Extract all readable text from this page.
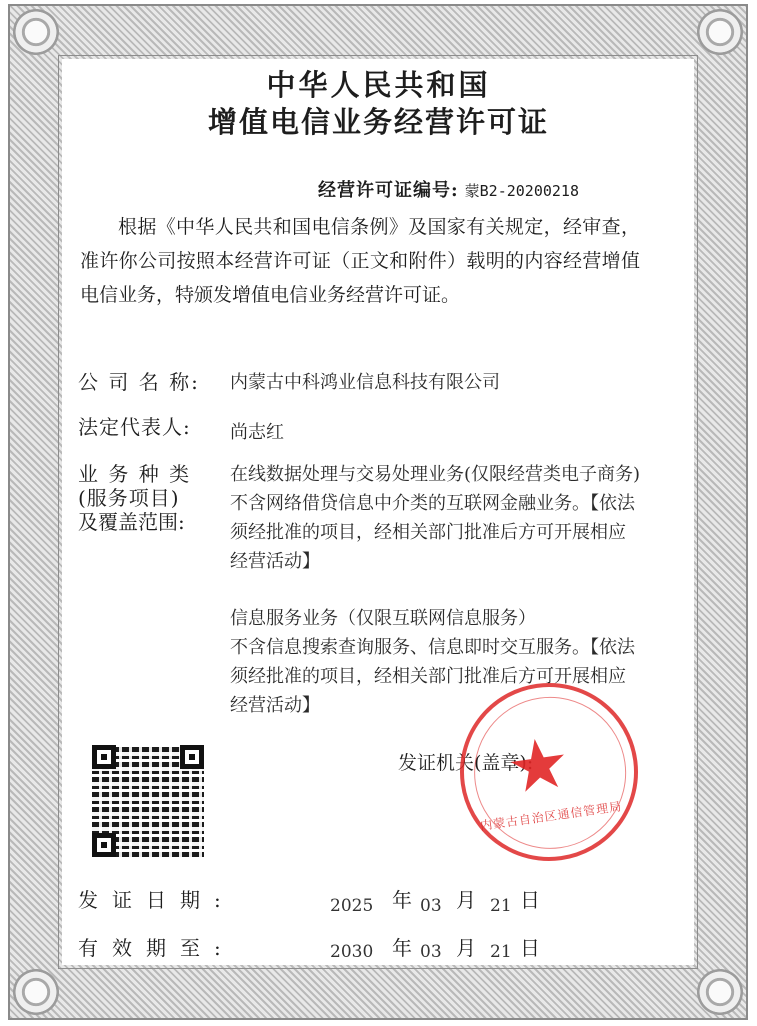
中华人民共和国
增值电信业务经营许可证
经营许可证编号: 蒙B2-20200218
根据《中华人民共和国电信条例》及国家有关规定，经审查，准许你公司按照本经营许可证（正文和附件）载明的内容经营增值电信业务，特颁发增值电信业务经营许可证。
公 司 名 称: 内蒙古中科鸿业信息科技有限公司
法定代表人: 尚志红
业 务 种 类
(服务项目)
及覆盖范围:

在线数据处理与交易处理业务(仅限经营类电子商务)

不含网络借贷信息中介类的互联网金融业务。【依法须经批准的项目，经相关部门批准后方可开展相应经营活动】

信息服务业务（仅限互联网信息服务）

不含信息搜索查询服务、信息即时交互服务。【依法须经批准的项目，经相关部门批准后方可开展相应经营活动】

发证机关(盖章):
★
内蒙古自治区通信管理局
发证日期:	2025 年 03 月 21 日
有效期至:	2030 年 03 月 21 日
